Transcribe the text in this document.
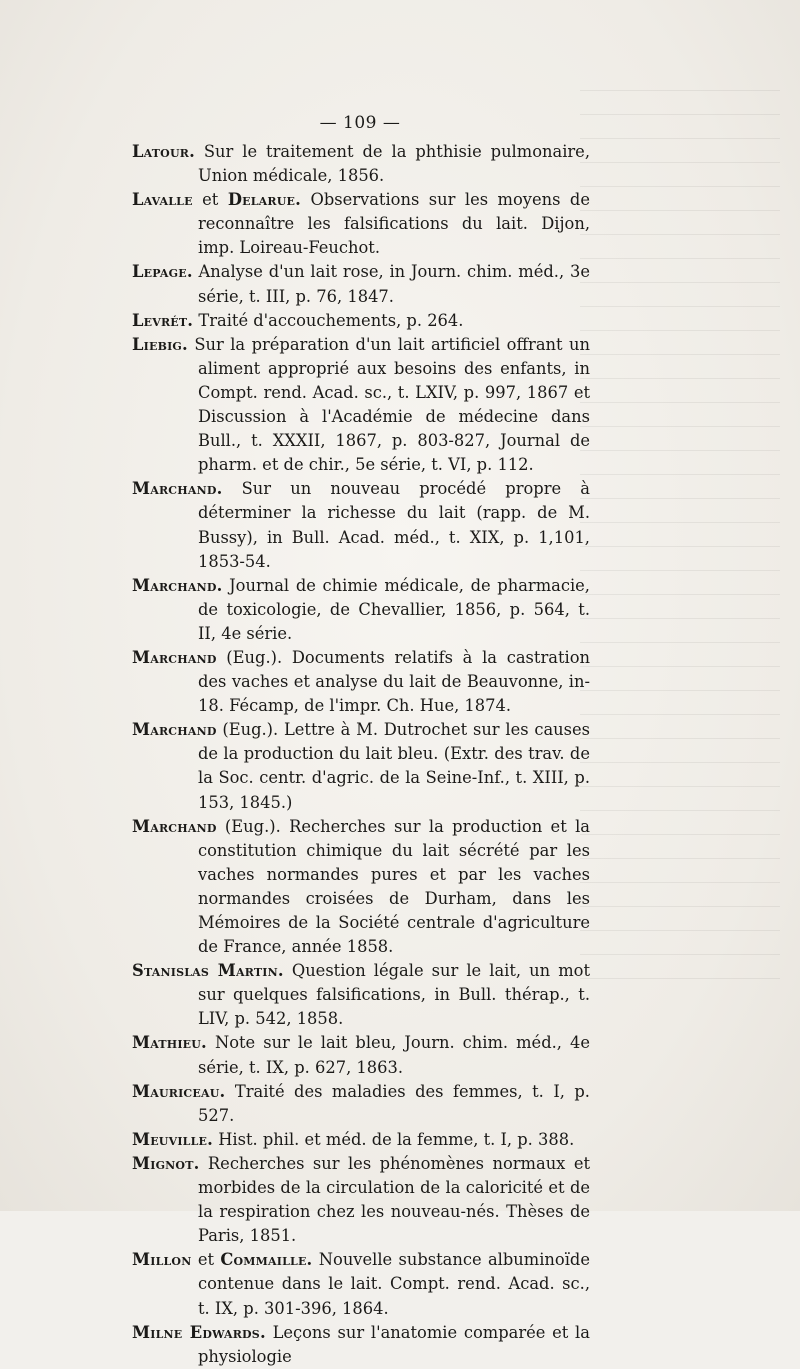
— 109 —

Latour. Sur le traitement de la phthisie pulmonaire, Union médicale, 1856.

Lavalle et Delarue. Observations sur les moyens de reconnaître les falsifications du lait. Dijon, imp. Loireau-Feuchot.

Lepage. Analyse d'un lait rose, in Journ. chim. méd., 3e série, t. III, p. 76, 1847.

Levrét. Traité d'accouchements, p. 264.

Liebig. Sur la préparation d'un lait artificiel offrant un aliment approprié aux besoins des enfants, in Compt. rend. Acad. sc., t. LXIV, p. 997, 1867 et Discussion à l'Académie de médecine dans Bull., t. XXXII, 1867, p. 803-827, Journal de pharm. et de chir., 5e série, t. VI, p. 112.

Marchand. Sur un nouveau procédé propre à déterminer la richesse du lait (rapp. de M. Bussy), in Bull. Acad. méd., t. XIX, p. 1,101, 1853-54.

Marchand. Journal de chimie médicale, de pharmacie, de toxicologie, de Chevallier, 1856, p. 564, t. II, 4e série.

Marchand (Eug.). Documents relatifs à la castration des vaches et analyse du lait de Beauvonne, in-18. Fécamp, de l'impr. Ch. Hue, 1874.

Marchand (Eug.). Lettre à M. Dutrochet sur les causes de la production du lait bleu. (Extr. des trav. de la Soc. centr. d'agric. de la Seine-Inf., t. XIII, p. 153, 1845.)

Marchand (Eug.). Recherches sur la production et la constitution chimique du lait sécrété par les vaches normandes pures et par les vaches normandes croisées de Durham, dans les Mémoires de la Société centrale d'agriculture de France, année 1858.

Stanislas Martin. Question légale sur le lait, un mot sur quelques falsifications, in Bull. thérap., t. LIV, p. 542, 1858.

Mathieu. Note sur le lait bleu, Journ. chim. méd., 4e série, t. IX, p. 627, 1863.

Mauriceau. Traité des maladies des femmes, t. I, p. 527.

Meuville. Hist. phil. et méd. de la femme, t. I, p. 388.

Mignot. Recherches sur les phénomènes normaux et morbides de la circulation de la caloricité et de la respiration chez les nouveau-nés. Thèses de Paris, 1851.

Millon et Commaille. Nouvelle substance albuminoïde contenue dans le lait. Compt. rend. Acad. sc., t. IX, p. 301-396, 1864.

Milne Edwards. Leçons sur l'anatomie comparée et la physiologie
